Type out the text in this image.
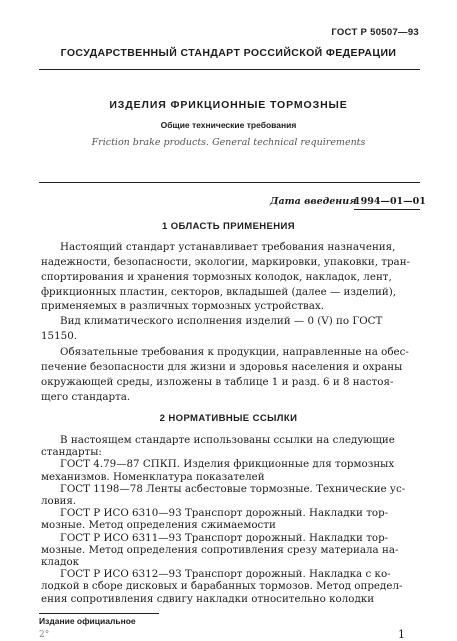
ГОСТ Р 50507—93
ГОСУДАРСТВЕННЫЙ СТАНДАРТ РОССИЙСКОЙ ФЕДЕРАЦИИ
ИЗДЕЛИЯ ФРИКЦИОННЫЕ ТОРМОЗНЫЕ
Общие технические требования
Friction brake products. General technical requirements
Дата введения
1994—01—01
1 ОБЛАСТЬ ПРИМЕНЕНИЯ
Настоящий стандарт устанавливает требования назначения,
надежности, безопасности, экологии, маркировки, упаковки, тран-
спортирования и хранения тормозных колодок, накладок, лент,
фрикционных пластин, секторов, вкладышей (далее — изделий),
применяемых в различных тормозных устройствах.
Вид климатического исполнения изделий — 0 (V) по ГОСТ
15150.
Обязательные требования к продукции, направленные на обес-
печение безопасности для жизни и здоровья населения и охраны
окружающей среды, изложены в таблице 1 и разд. 6 и 8 настоя-
щего стандарта.
2 НОРМАТИВНЫЕ ССЫЛКИ
В настоящем стандарте использованы ссылки на следующие
стандарты:
ГОСТ 4.79—87 СПКП. Изделия фрикционные для тормозных
механизмов. Номенклатура показателей
ГОСТ 1198—78 Ленты асбестовые тормозные. Технические ус-
ловия.
ГОСТ Р ИСО 6310—93 Транспорт дорожный. Накладки тор-
мозные. Метод определения сжимаемости
ГОСТ Р ИСО 6311—93 Транспорт дорожный. Накладки тор-
мозные. Метод определения сопротивления срезу материала на-
кладок
ГОСТ Р ИСО 6312—93 Транспорт дорожный. Накладка с ко-
лодкой в сборе дисковых и барабанных тормозов. Метод определ-
ения сопротивления сдвигу накладки относительно колодки
Издание официальное
2°	1
